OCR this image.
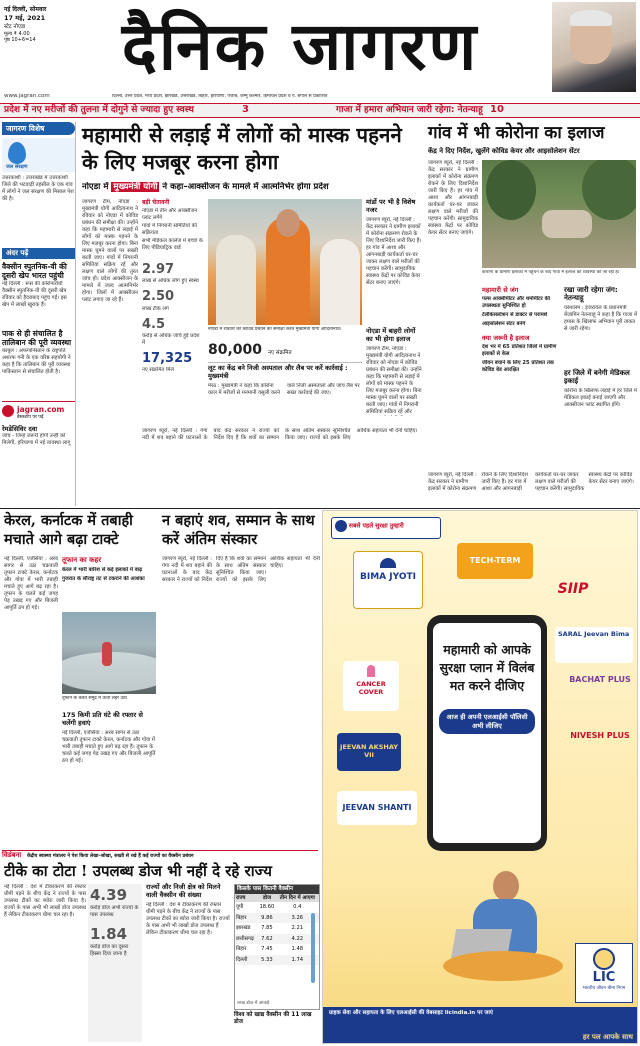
नई दिल्ली, सोमवार
17 मई, 2021
स्टेट नोएडा
मूल्य ₹ 4.00
पृष्ठ 10+6=14	दैनिक जागरण
www.jagran.com	दिल्ली, उत्तर प्रदेश, मध्य प्रदेश, झारखंड, उत्तराखंड, बिहार, हरियाणा, पंजाब, जम्मू कश्मीर, हिमाचल प्रदेश व पं. बंगाल से प्रकाशित
प्रदेश में नए मरीजों की तुलना में दोगुने से ज्यादा हुए स्वस्थ	3	गाजा में हमारा अभियान जारी रहेगा: नेतन्याहू 10
जागरण विशेष
जल संरक्षण
उत्तरकाशी : उत्तराखंड में उत्तरकाशी जिले की भटवाड़ी तहसील के एक गांव में लोगों ने जल संरक्षण की मिसाल पेश की है।
अंदर पढ़ें
वैक्सीन स्पुतनिक-वी की दूसरी खेप भारत पहुंची
नई दिल्ली : रूस की कोरोनारोधी वैक्सीन स्पुतनिक-वी की दूसरी खेप रविवार को हैदराबाद पहुंच गई। इस खेप में लाखों खुराक हैं।
पाक से ही संचालित है तालिबान की पूरी व्यवस्था
काबुल : अफगानिस्तान के राष्ट्रपति अशरफ गनी के एक वरिष्ठ सहयोगी ने कहा है कि तालिबान की पूरी व्यवस्था पाकिस्तान से संचालित होती है।
jagran.com
डेस्कटॉप पर पढ़ें
रेमडेसिविर दवा
जांच - जिन्हें जरूरी होगी उन्हीं को मिलेगी, हरियाणा में नई व्यवस्था लागू
महामारी से लड़ाई में लोगों को मास्क पहनने के लिए मजबूर करना होगा
नोएडा में मुख्यमंत्री योगी ने कहा–आक्सीजन के मामले में आत्मनिर्भर होगा प्रदेश
जागरण टीम, नोएडा : मुख्यमंत्री योगी आदित्यनाथ ने रविवार को नोएडा में कोविड प्रबंधन की समीक्षा की। उन्होंने कहा कि महामारी से लड़ाई में लोगों को मास्क पहनने के लिए मजबूर करना होगा। बिना मास्क घूमने वालों पर सख्ती बरती जाए। गांवों में निगरानी समितियां सक्रिय रहें और लक्षण वाले लोगों की तुरंत जांच हो। प्रदेश आक्सीजन के मामले में जल्द आत्मनिर्भर होगा। जिलों में आक्सीजन प्लांट लगाए जा रहे हैं।
बड़ी चेतावनी
नोएडा में तीन और आक्सीजन प्लांट लगेंगे
गांवों में निगरानी समितियों की सक्रियता
सभी मेडिकल कालेज में बच्चों के लिए पीडियाट्रिक वार्ड
2.97
लाख से अधिक लोग हुए स्वस्थ
2.50
लाख टीके लगे
4.5
करोड़ से अधिक जांचें हुईं प्रदेश में
17,325
नए संक्रमित मिले
नोएडा में रविवार को कोविड प्रबंधन की समीक्षा करते मुख्यमंत्री योगी आदित्यनाथ।
मांडों पर भी है विशेष नजर
जागरण ब्यूरो, नई दिल्ली : केंद्र सरकार ने ग्रामीण इलाकों में कोरोना संक्रमण रोकने के लिए दिशानिर्देश जारी किए हैं। हर गांव में आशा और आंगनबाड़ी कार्यकर्ता घर-घर जाकर लक्षण वाले मरीजों की पहचान करेंगी। सामुदायिक स्वास्थ्य केंद्रों पर कोविड केयर सेंटर बनाए जाएंगे।
80,000 नए संक्रमित
लूट का केंद्र बने निजी अस्पताल और लैब पर करें कार्रवाई : मुख्यमंत्री
मेरठ : मुख्यमंत्री ने कहा कि कोरोना काल में मरीजों से मनमानी वसूली करने वाले निजी अस्पतालों और जांच लैब पर सख्त कार्रवाई की जाए।
नोएडा में बाहरी लोगों का भी होगा इलाज
जागरण टीम, नोएडा : मुख्यमंत्री योगी आदित्यनाथ ने रविवार को नोएडा में कोविड प्रबंधन की समीक्षा की। उन्होंने कहा कि महामारी से लड़ाई में लोगों को मास्क पहनने के लिए मजबूर करना होगा। बिना मास्क घूमने वालों पर सख्ती बरती जाए। गांवों में निगरानी समितियां सक्रिय रहें और
जागरण ब्यूरो, नई दिल्ली : गंगा नदी में शव बहाने की घटनाओं के बाद केंद्र सरकार ने राज्यों को निर्देश दिए हैं कि शवों का सम्मान के साथ अंतिम संस्कार सुनिश्चित किया जाए। राज्यों को इसके लिए आर्थिक सहायता भी देनी चाहिए।
गांव में भी कोरोना का इलाज
केंद्र ने दिए निर्देश, खुलेंगे कोविड केयर और आइसोलेशन सेंटर
जागरण ब्यूरो, नई दिल्ली : केंद्र सरकार ने ग्रामीण इलाकों में कोरोना संक्रमण रोकने के लिए दिशानिर्देश जारी किए हैं। हर गांव में आशा और आंगनबाड़ी कार्यकर्ता घर-घर जाकर लक्षण वाले मरीजों की पहचान करेंगी। सामुदायिक स्वास्थ्य केंद्रों पर कोविड केयर सेंटर बनाए जाएंगे।
कोरोना के ग्रामीण इलाकों में पहुंचने के बाद गांवों में इलाज की व्यवस्था की जा रही है।
महामारी से जंग
पल्स आक्सीमीटर और थर्मामीटर की उपलब्धता सुनिश्चित हो
टेलीकंसल्टेशन से डाक्टर से परामर्श
आइसोलेशन सेंटर बनेंगे
क्या जरूरी है इलाज
देश भर में 65 प्रतिशत जिलों में ग्रामीण इलाकों से केस
जीवन बचाने के लिए 25 प्रतिशत तक कोविड बेड आरक्षित
रखा जारी रहेगा जंग: नेतन्याहू
यरुशलम : इजरायल के प्रधानमंत्री बेंजामिन नेतन्याहू ने कहा है कि गाजा में हमास के खिलाफ अभियान पूरी ताकत से जारी रहेगा।
हर जिले में बनेगी मेडिकल इकाई
कोरोना के खिलाफ लड़ाई में हर जिले में मेडिकल इकाई बनाई जाएगी और आक्सीजन प्लांट स्थापित होंगे।
जागरण ब्यूरो, नई दिल्ली : केंद्र सरकार ने ग्रामीण इलाकों में कोरोना संक्रमण रोकने के लिए दिशानिर्देश जारी किए हैं। हर गांव में आशा और आंगनबाड़ी कार्यकर्ता घर-घर जाकर लक्षण वाले मरीजों की पहचान करेंगी। सामुदायिक स्वास्थ्य केंद्रों पर कोविड केयर सेंटर बनाए जाएंगे।
केरल, कर्नाटक में तबाही मचाते आगे बढ़ा टाक्टे
नई दिल्ली, एजेंसियां : अरब सागर से उठा चक्रवाती तूफान टाक्टे केरल, कर्नाटक और गोवा में भारी तबाही मचाते हुए आगे बढ़ रहा है। तूफान के चलते कई जगह पेड़ उखड़ गए और बिजली आपूर्ति ठप हो गई।
तूफान का कहर
केरल में भारी बारिश से कई इलाकों में बाढ़
गुजरात के सौराष्ट्र तट से टकराने की आशंका
तूफान के चलते समुद्र में ऊंची लहरें उठीं
175 किमी प्रति घंटे की रफ्तार से चलेंगी हवाएं
नई दिल्ली, एजेंसियां : अरब सागर से उठा चक्रवाती तूफान टाक्टे केरल, कर्नाटक और गोवा में भारी तबाही मचाते हुए आगे बढ़ रहा है। तूफान के चलते कई जगह पेड़ उखड़ गए और बिजली आपूर्ति ठप हो गई।
न बहाएं शव, सम्मान के साथ करें अंतिम संस्कार
जागरण ब्यूरो, नई दिल्ली : गंगा नदी में शव बहाने की घटनाओं के बाद केंद्र सरकार ने राज्यों को निर्देश दिए हैं कि शवों का सम्मान के साथ अंतिम संस्कार सुनिश्चित किया जाए। राज्यों को इसके लिए आर्थिक सहायता भी देनी चाहिए।
विडंबना केंद्रीय स्वास्थ्य मंत्रालय ने पेश किया लेखा–जोखा, सख्ती से रखे हैं कई राज्यों का वैक्सीन प्रबंधन
टीके का टोटा ! उपलब्ध डोज भी नहीं दे रहे राज्य
नई दिल्ली : देश में टीकाकरण की रफ्तार धीमी पड़ने के बीच केंद्र ने राज्यों के पास उपलब्ध टीकों का ब्योरा जारी किया है। राज्यों के पास अभी भी लाखों डोज उपलब्ध हैं लेकिन टीकाकरण धीमा चल रहा है।
4.39
करोड़ डोज अभी राज्यों के पास उपलब्ध
1.84
करोड़ डोज का दूसरा हिस्सा दिया जाना है
राज्यों और निजी क्षेत्र को मिलने वाली वैक्सीन की संख्या
नई दिल्ली : देश में टीकाकरण की रफ्तार धीमी पड़ने के बीच केंद्र ने राज्यों के पास उपलब्ध टीकों का ब्योरा जारी किया है। राज्यों के पास अभी भी लाखों डोज उपलब्ध हैं लेकिन टीकाकरण धीमा चल रहा है।
किसके पास कितनी वैक्सीन
राज्य	डोज	तीन दिन में आएगा
यूपी	18.60	0.4
बिहार	9.86	3.26
झारखंड	7.85	2.21
छत्तीसगढ़	7.62	4.22
बिहार	7.45	1.48
दिल्ली	5.33	1.74
लाख डोज में आंकड़े
विश्व को खाद्य वैक्सीन की 11 लाख डोज
सबसे पहले सुरक्षा तुम्हारी
BIMA JYOTI
TECH-TERM
SIIP
SARAL Jeevan Bima
CANCER COVER
BACHAT PLUS
JEEVAN AKSHAY VII
NIVESH PLUS
JEEVAN SHANTI
महामारी को आपके सुरक्षा प्लान में विलंब मत करने दीजिए
आज ही अपनी एलआईसी पॉलिसी अभी लीजिए
LIC
भारतीय जीवन बीमा निगम
ग्राहक सेवा और सहायता के लिए एलआईसी की वेबसाइट licindia.in पर जाएं
हर पल आपके साथ
